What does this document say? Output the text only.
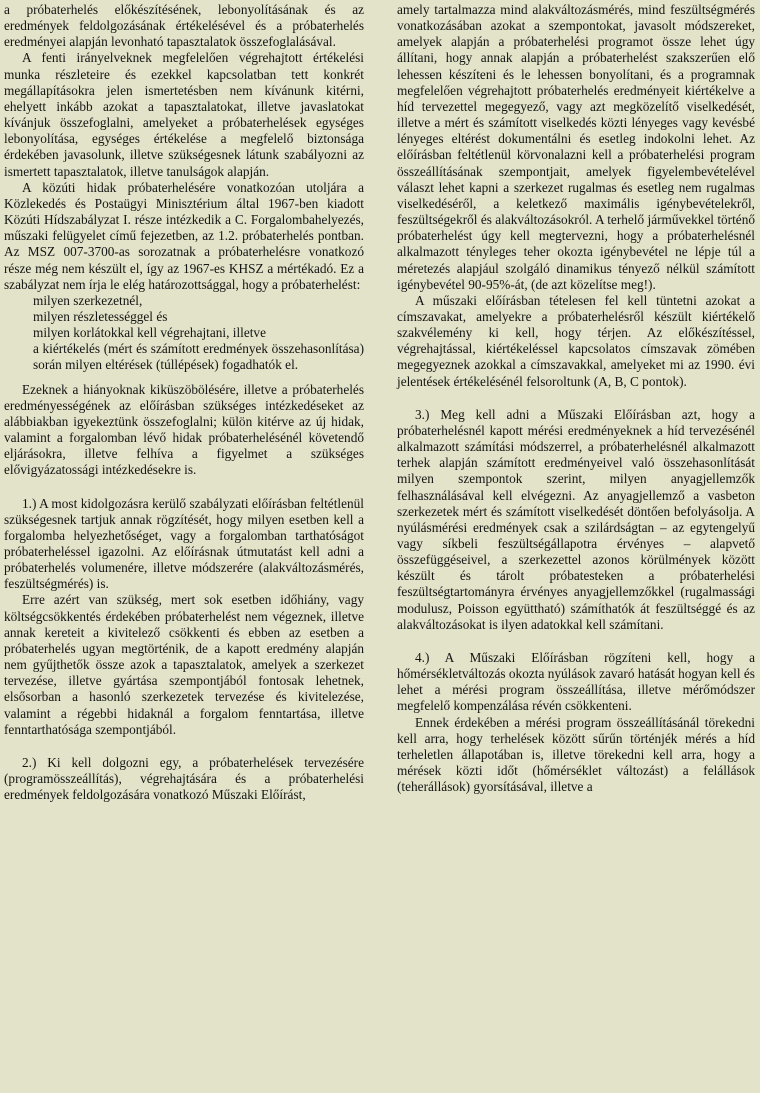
a próbaterhelés előkészítésének, lebonyolításának és az eredmények feldolgozásának értékelésével és a próbaterhelés eredményei alapján levonható tapasztalatok összefoglalásával.

A fenti irányelveknek megfelelően végrehajtott értékelési munka részleteire és ezekkel kapcsolatban tett konkrét megállapításokra jelen ismertetésben nem kívánunk kitérni, ehelyett inkább azokat a tapasztalatokat, illetve javaslatokat kívánjuk összefoglalni, amelyeket a próbaterhelések egységes lebonyolítása, egységes értékelése a megfelelő biztonsága érdekében javasolunk, illetve szükségesnek látunk szabályozni az ismertett tapasztalatok, illetve tanulságok alapján.

A közúti hidak próbaterhelésére vonatkozóan utoljára a Közlekedés és Postaügyi Minisztérium által 1967-ben kiadott Közúti Hídszabályzat I. része intézkedik a C. Forgalombahelyezés, műszaki felügyelet című fejezetben, az 1.2. próbaterhelés pontban. Az MSZ 007-3700-as sorozatnak a próbaterhelésre vonatkozó része még nem készült el, így az 1967-es KHSZ a mértékadó. Ez a szabályzat nem írja le elég határozottsággal, hogy a próbaterhelést:

milyen szerkezetnél,

milyen részletességgel és

milyen korlátokkal kell végrehajtani, illetve

a kiértékelés (mért és számított eredmények összehasonlítása) során milyen eltérések (túllépések) fogadhatók el.

Ezeknek a hiányoknak kiküszöbölésére, illetve a próbaterhelés eredményességének az előírásban szükséges intézkedéseket az alábbiakban igyekeztünk összefoglalni; külön kitérve az új hidak, valamint a forgalomban lévő hidak próbaterhelésénél követendő eljárásokra, illetve felhíva a figyelmet a szükséges elővigyázatossági intézkedésekre is.

1.) A most kidolgozásra kerülő szabályzati előírásban feltétlenül szükségesnek tartjuk annak rögzítését, hogy milyen esetben kell a forgalomba helyezhetőséget, vagy a forgalomban tarthatóságot próbaterheléssel igazolni. Az előírásnak útmutatást kell adni a próbaterhelés volumenére, illetve módszerére (alakváltozásmérés, feszültségmérés) is.

Erre azért van szükség, mert sok esetben időhiány, vagy költségcsökkentés érdekében próbaterhelést nem végeznek, illetve annak kereteit a kivitelező csökkenti és ebben az esetben a próbaterhelés ugyan megtörténik, de a kapott eredmény alapján nem gyűjthetők össze azok a tapasztalatok, amelyek a szerkezet tervezése, illetve gyártása szempontjából fontosak lehetnek, elsősorban a hasonló szerkezetek tervezése és kivitelezése, valamint a régebbi hidaknál a forgalom fenntartása, illetve fenntarthatósága szempontjából.

2.) Ki kell dolgozni egy, a próbaterhelések tervezésére (programösszeállítás), végrehajtására és a próbaterhelési eredmények feldolgozására vonatkozó Műszaki Előírást,

amely tartalmazza mind alakváltozásmérés, mind feszültségmérés vonatkozásában azokat a szempontokat, javasolt módszereket, amelyek alapján a próbaterhelési programot össze lehet úgy állítani, hogy annak alapján a próbaterhelést szakszerűen elő lehessen készíteni és le lehessen bonyolítani, és a programnak megfelelően végrehajtott próbaterhelés eredményeit kiértékelve a híd tervezettel megegyező, vagy azt megközelítő viselkedését, illetve a mért és számított viselkedés közti lényeges vagy kevésbé lényeges eltérést dokumentálni és esetleg indokolni lehet. Az előírásban feltétlenül körvonalazni kell a próbaterhelési program összeállításának szempontjait, amelyek figyelembevételével választ lehet kapni a szerkezet rugalmas és esetleg nem rugalmas viselkedéséről, a keletkező maximális igénybevételekről, feszültségekről és alakváltozásokról. A terhelő járművekkel történő próbaterhelést úgy kell megtervezni, hogy a próbaterhelésnél alkalmazott tényleges teher okozta igénybevétel ne lépje túl a méretezés alapjául szolgáló dinamikus tényező nélkül számított igénybevétel 90-95%-át, (de azt közelítse meg!).

A műszaki előírásban tételesen fel kell tüntetni azokat a címszavakat, amelyekre a próbaterhelésről készült kiértékelő szakvélemény ki kell, hogy térjen. Az előkészítéssel, végrehajtással, kiértékeléssel kapcsolatos címszavak zömében megegyeznek azokkal a címszavakkal, amelyeket mi az 1990. évi jelentések értékelésénél felsoroltunk (A, B, C pontok).

3.) Meg kell adni a Műszaki Előírásban azt, hogy a próbaterhelésnél kapott mérési eredményeknek a híd tervezésénél alkalmazott számítási módszerrel, a próbaterhelésnél alkalmazott terhek alapján számított eredményeivel való összehasonlítását milyen szempontok szerint, milyen anyagjellemzők felhasználásával kell elvégezni. Az anyagjellemző a vasbeton szerkezetek mért és számított viselkedését döntően befolyásolja. A nyúlásmérési eredmények csak a szilárdságtan – az egytengelyű vagy síkbeli feszültségállapotra érvényes – alapvető összefüggéseivel, a szerkezettel azonos körülmények között készült és tárolt próbatesteken a próbaterhelési feszültségtartományra érvényes anyagjellemzőkkel (rugalmassági modulusz, Poisson együttható) számíthatók át feszültséggé és az alakváltozásokat is ilyen adatokkal kell számítani.

4.) A Műszaki Előírásban rögzíteni kell, hogy a hőmérsékletváltozás okozta nyúlások zavaró hatását hogyan kell és lehet a mérési program összeállítása, illetve mérőmódszer megfelelő kompenzálása révén csökkenteni.

Ennek érdekében a mérési program összeállításánál törekedni kell arra, hogy terhelések között sűrűn történjék mérés a híd terheletlen állapotában is, illetve törekedni kell arra, hogy a mérések közti időt (hőmérséklet változást) a felállások (teherállások) gyorsításával, illetve a
